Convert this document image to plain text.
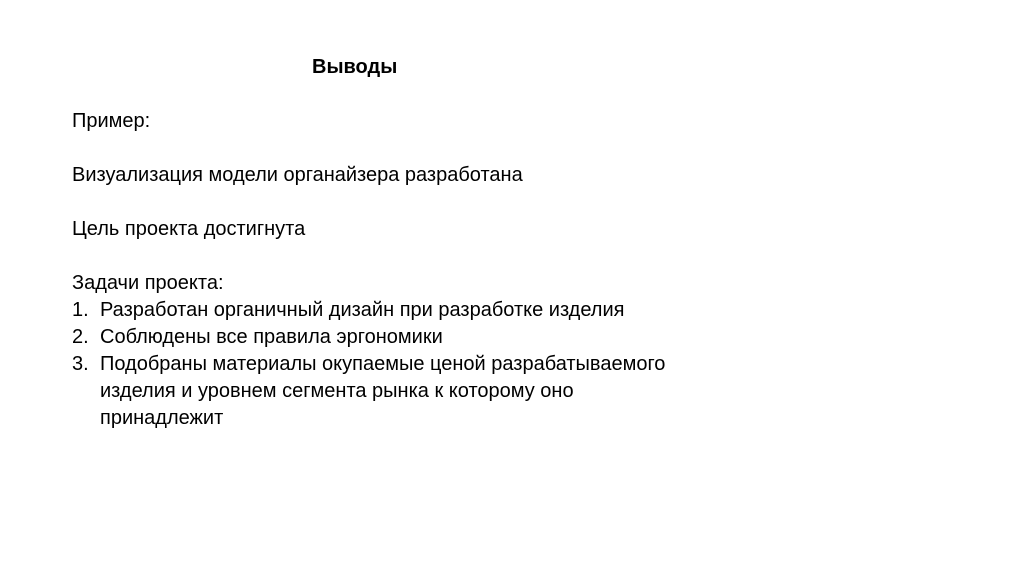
Выводы

Пример:

Визуализация модели органайзера разработана

Цель проекта достигнута

Задачи проекта:

1. Разработан органичный дизайн при разработке изделия
2. Соблюдены все правила эргономики
3. Подобраны материалы окупаемые ценой разрабатываемого изделия и уровнем сегмента рынка к которому оно принадлежит
